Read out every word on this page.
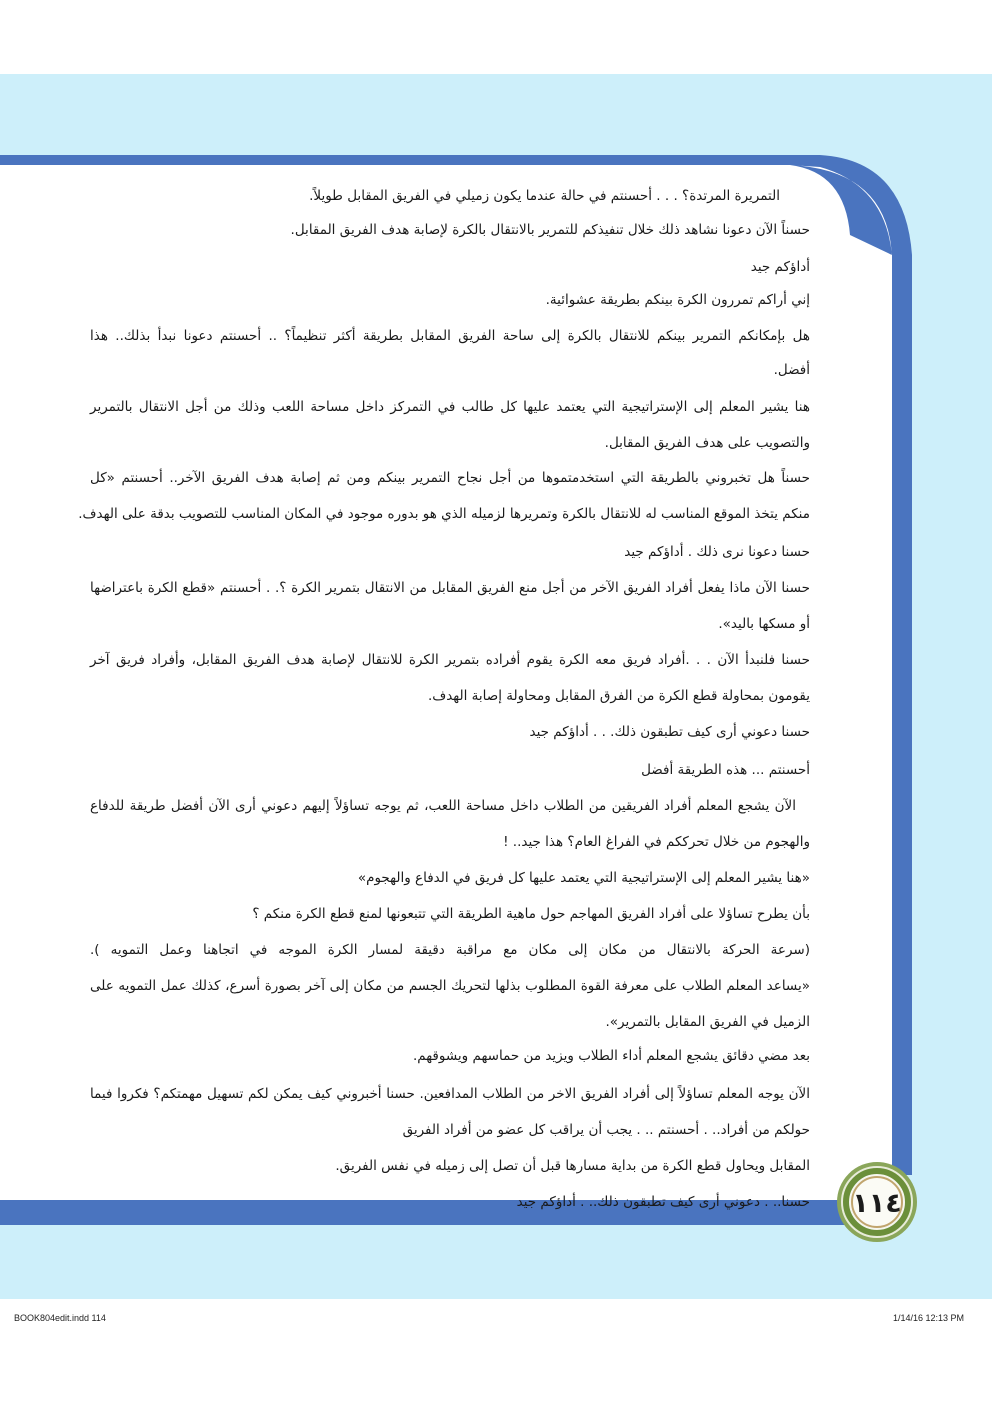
التمريرة المرتدة؟ . . . أحسنتم في حالة عندما يكون زميلي في الفريق المقابل طويلاً.
حسناً الآن دعونا نشاهد ذلك خلال تنفيذكم للتمرير بالانتقال بالكرة لإصابة هدف الفريق المقابل.
أداؤكم جيد
إني أراكم تمررون الكرة بينكم بطريقة عشوائية.
هل بإمكانكم التمرير بينكم للانتقال بالكرة إلى ساحة الفريق المقابل بطريقة أكثر تنظيماً؟ .. أحسنتم دعونا نبدأ بذلك.. هذا
أفضل.
هنا يشير المعلم إلى الإستراتيجية التي يعتمد عليها كل طالب في التمركز داخل مساحة اللعب وذلك من أجل الانتقال بالتمرير
والتصويب على هدف الفريق المقابل.
حسناً هل تخبروني بالطريقة التي استخدمتموها من أجل نجاح التمرير بينكم ومن ثم إصابة هدف الفريق الآخر.. أحسنتم «كل
منكم يتخذ الموقع المناسب له للانتقال بالكرة وتمريرها لزميله الذي هو بدوره موجود في المكان المناسب للتصويب بدقة على الهدف.
حسنا دعونا نرى ذلك . أداؤكم جيد
حسنا الآن ماذا يفعل أفراد الفريق الآخر من أجل منع الفريق المقابل من الانتقال بتمرير الكرة ؟. . أحسنتم «قطع الكرة باعتراضها
أو مسكها باليد».
حسنا فلنبدأ الآن . . .أفراد فريق معه الكرة يقوم أفراده بتمرير الكرة للانتقال لإصابة هدف الفريق المقابل، وأفراد فريق آخر
يقومون بمحاولة قطع الكرة من الفرق المقابل ومحاولة إصابة الهدف.
حسنا دعوني أرى كيف تطبقون ذلك. . . أداؤكم جيد
أحسنتم ... هذه الطريقة أفضل
الآن يشجع المعلم أفراد الفريقين من الطلاب داخل مساحة اللعب، ثم يوجه تساؤلاً إليهم دعوني أرى الآن أفضل طريقة للدفاع
والهجوم من خلال تحرككم في الفراغ العام؟ هذا جيد.. !
«هنا يشير المعلم إلى الإستراتيجية التي يعتمد عليها كل فريق في الدفاع والهجوم»
بأن يطرح تساؤلا على أفراد الفريق المهاجم حول ماهية الطريقة التي تتبعونها لمنع قطع الكرة منكم ؟
(سرعة الحركة بالانتقال من مكان إلى مكان مع مراقبة دقيقة لمسار الكرة الموجه في اتجاهنا وعمل التمويه ).
«يساعد المعلم الطلاب على معرفة القوة المطلوب بذلها لتحريك الجسم من مكان إلى آخر بصورة أسرع، كذلك عمل التمويه على
الزميل في الفريق المقابل بالتمرير».
بعد مضي دقائق يشجع المعلم أداء الطلاب ويزيد من حماسهم ويشوقهم.
الآن يوجه المعلم تساؤلاً إلى أفراد الفريق الاخر من الطلاب المدافعين. حسنا أخبروني كيف يمكن لكم تسهيل مهمتكم؟ فكروا فيما
حولكم من أفراد.. . أحسنتم .. . يجب أن يراقب كل عضو من أفراد الفريق
المقابل ويحاول قطع الكرة من بداية مسارها قبل أن تصل إلى زميله في نفس الفريق.
حسنا.. . دعوني أرى كيف تطبقون ذلك.. . أداؤكم جيد ١١٤
BOOK804edit.indd 114	1/14/16 12:13 PM
